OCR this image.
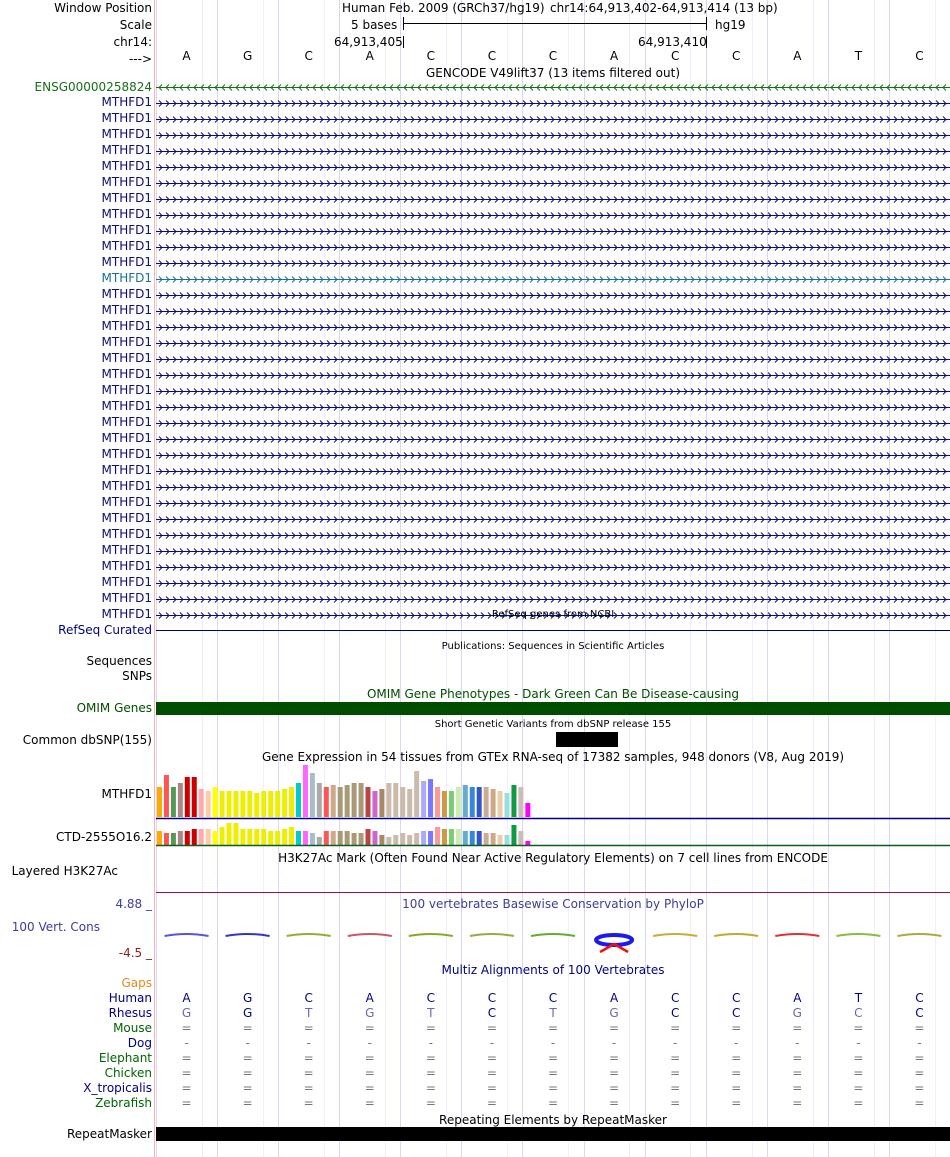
Window Position
Scale
chr14:
--->
Human Feb. 2009 (GRCh37/hg19) chr14:64,913,402-64,913,414 (13 bp)
5 bases	hg19
64,913,405	64,913,410
A	G	C	A	C	C	C	A	C	C	A	T	C
GENCODE V49lift37 (13 items filtered out)
ENSG00000258824
MTHFD1
MTHFD1
MTHFD1
MTHFD1
MTHFD1
MTHFD1
MTHFD1
MTHFD1
MTHFD1
MTHFD1
MTHFD1
MTHFD1
MTHFD1
MTHFD1
MTHFD1
MTHFD1
MTHFD1
MTHFD1
MTHFD1
MTHFD1
MTHFD1
MTHFD1
MTHFD1
MTHFD1
MTHFD1
MTHFD1
MTHFD1
MTHFD1
MTHFD1
MTHFD1
MTHFD1
MTHFD1
MTHFD1	RefSeq genes from NCBI
RefSeq Curated
Publications: Sequences in Scientific Articles
Sequences
SNPs
OMIM Gene Phenotypes - Dark Green Can Be Disease-causing
OMIM Genes
Short Genetic Variants from dbSNP release 155
Common dbSNP(155)
Gene Expression in 54 tissues from GTEx RNA-seq of 17382 samples, 948 donors (V8, Aug 2019)
MTHFD1
CTD-2555O16.2
H3K27Ac Mark (Often Found Near Active Regulatory Elements) on 7 cell lines from ENCODE
Layered H3K27Ac
100 vertebrates Basewise Conservation by PhyloP
4.88 _
100 Vert. Cons
-4.5 _
Multiz Alignments of 100 Vertebrates
Gaps
Human	A	G	C	A	C	C	C	A	C	C	A	T	C
Rhesus	G	G	T	G	T	C	T	G	C	C	G	C	C
Mouse	=	=	=	=	=	=	=	=	=	=	=	=	=
Dog	-	-	-	-	-	-	-	-	-	-	-	-	-
Elephant	=	=	=	=	=	=	=	=	=	=	=	=	=
Chicken	=	=	=	=	=	=	=	=	=	=	=	=	=
X_tropicalis	=	=	=	=	=	=	=	=	=	=	=	=	=
Zebrafish	=	=	=	=	=	=	=	=	=	=	=	=	=
Repeating Elements by RepeatMasker
RepeatMasker
